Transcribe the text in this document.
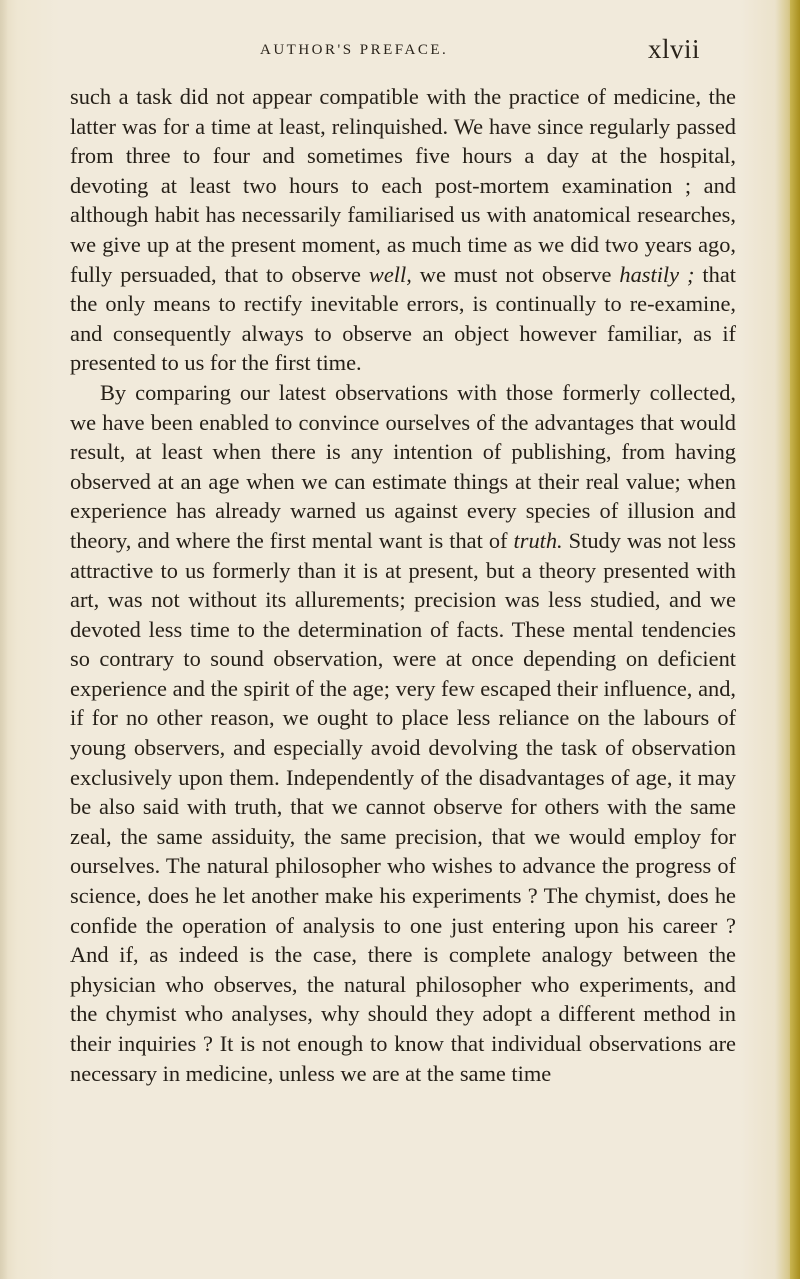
AUTHOR'S PREFACE.	xlvii

such a task did not appear compatible with the practice of medicine, the latter was for a time at least, relinquished. We have since regularly passed from three to four and sometimes five hours a day at the hospital, devoting at least two hours to each post-mortem examination ; and although habit has necessarily familiarised us with anatomical researches, we give up at the present moment, as much time as we did two years ago, fully persuaded, that to observe well, we must not observe hastily ; that the only means to rectify inevitable errors, is continually to re-examine, and consequently always to observe an object however familiar, as if presented to us for the first time.

By comparing our latest observations with those formerly collected, we have been enabled to convince ourselves of the advantages that would result, at least when there is any intention of publishing, from having observed at an age when we can estimate things at their real value; when experience has already warned us against every species of illusion and theory, and where the first mental want is that of truth. Study was not less attractive to us formerly than it is at present, but a theory presented with art, was not without its allurements; precision was less studied, and we devoted less time to the determination of facts. These mental tendencies so contrary to sound observation, were at once depending on deficient experience and the spirit of the age; very few escaped their influence, and, if for no other reason, we ought to place less reliance on the labours of young observers, and especially avoid devolving the task of observation exclusively upon them. Independently of the disadvantages of age, it may be also said with truth, that we cannot observe for others with the same zeal, the same assiduity, the same precision, that we would employ for ourselves. The natural philosopher who wishes to advance the progress of science, does he let another make his experiments ? The chymist, does he confide the operation of analysis to one just entering upon his career ? And if, as indeed is the case, there is complete analogy between the physician who observes, the natural philosopher who experiments, and the chymist who analyses, why should they adopt a different method in their inquiries ? It is not enough to know that individual observations are necessary in medicine, unless we are at the same time
